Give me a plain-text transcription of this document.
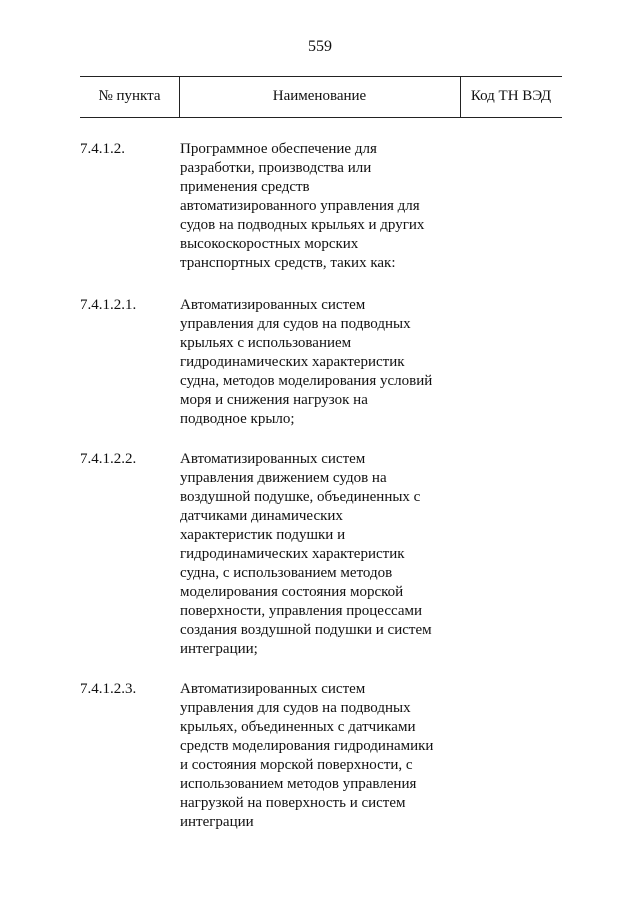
559
№ пункта	Наименование	Код ТН ВЭД
7.4.1.2.	Программное обеспечение для
разработки, производства или
применения средств
автоматизированного управления для
судов на подводных крыльях и других
высокоскоростных морских
транспортных средств, таких как:
7.4.1.2.1.	Автоматизированных систем
управления для судов на подводных
крыльях с использованием
гидродинамических характеристик
судна, методов моделирования условий
моря и снижения нагрузок на
подводное крыло;
7.4.1.2.2.	Автоматизированных систем
управления движением судов на
воздушной подушке, объединенных с
датчиками динамических
характеристик подушки и
гидродинамических характеристик
судна, с использованием методов
моделирования состояния морской
поверхности, управления процессами
создания воздушной подушки и систем
интеграции;
7.4.1.2.3.	Автоматизированных систем
управления для судов на подводных
крыльях, объединенных с датчиками
средств моделирования гидродинамики
и состояния морской поверхности, с
использованием методов управления
нагрузкой на поверхность и систем
интеграции
